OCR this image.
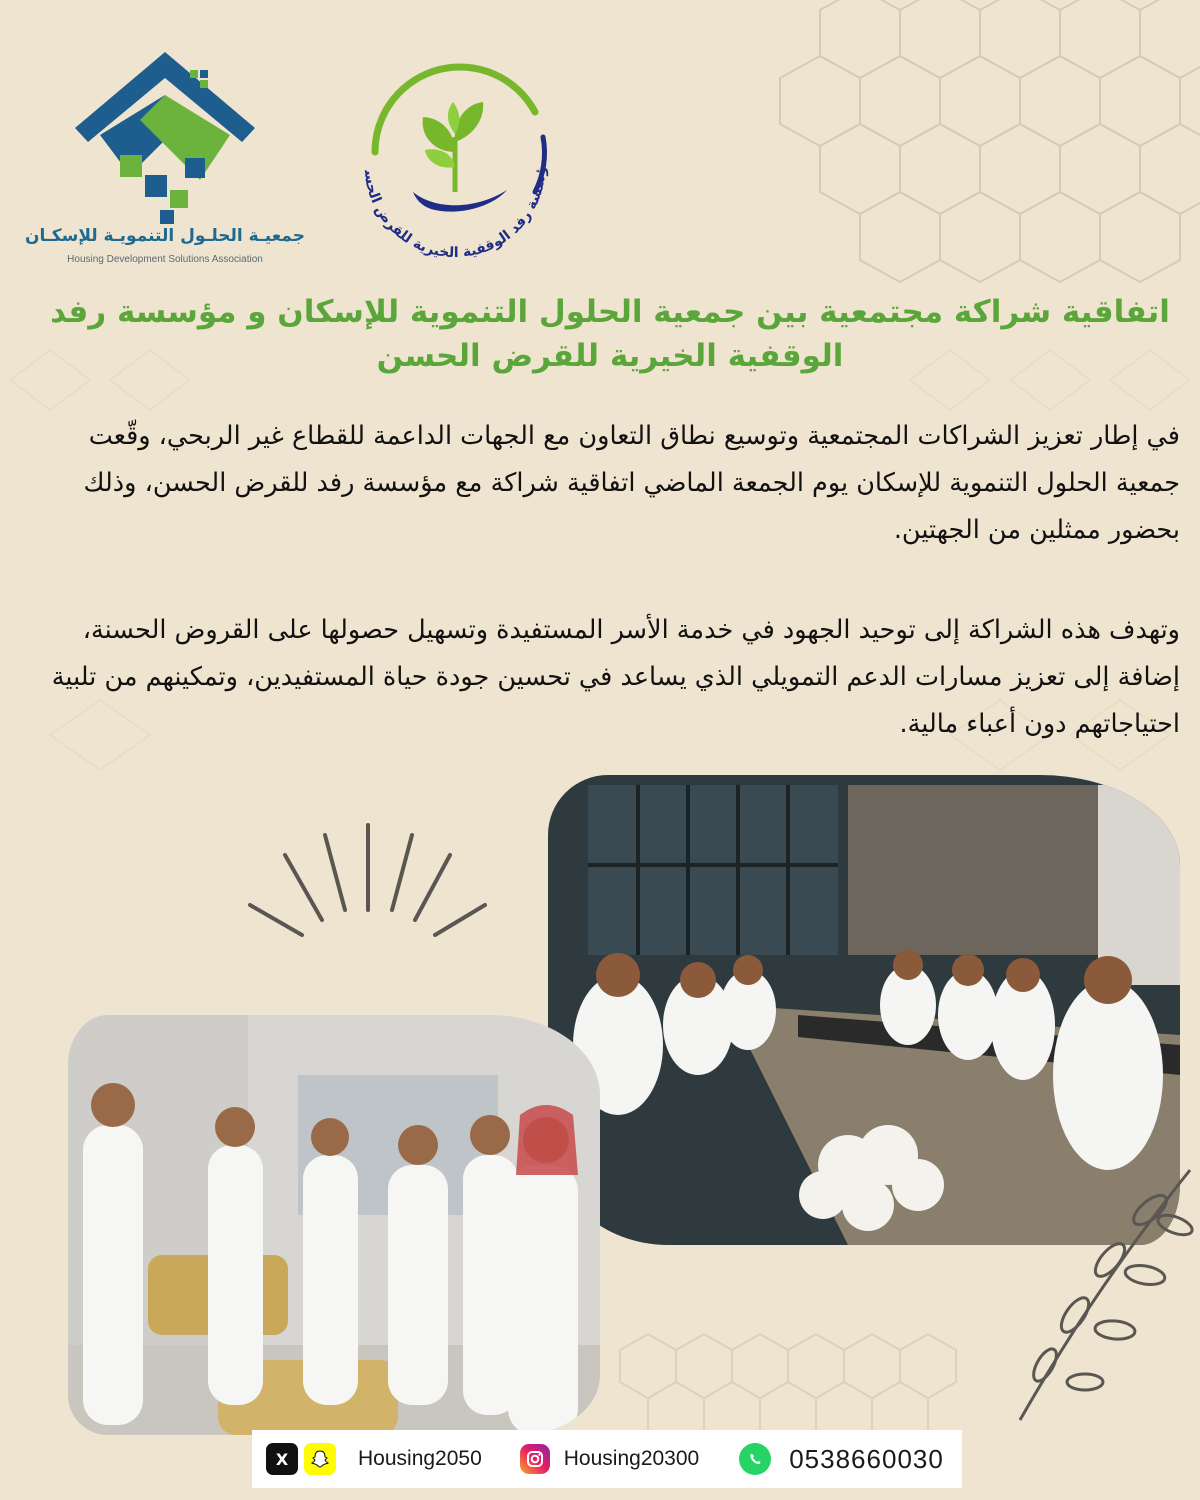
جمعيـة الحلـول التنمويـة للإسكـان
Housing Development Solutions Association
ؤسسة رفد الوقفية الخيرية للقرض الحس
اتفاقية شراكة مجتمعية بين جمعية الحلول التنموية للإسكان و مؤسسة رفد الوقفية الخيرية للقرض الحسن
في إطار تعزيز الشراكات المجتمعية وتوسيع نطاق التعاون مع الجهات الداعمة للقطاع غير الربحي، وقّعت جمعية الحلول التنموية للإسكان يوم الجمعة الماضي اتفاقية شراكة مع مؤسسة رفد للقرض الحسن، وذلك بحضور ممثلين من الجهتين.
وتهدف هذه الشراكة إلى توحيد الجهود في خدمة الأسر المستفيدة وتسهيل حصولها على القروض الحسنة، إضافة إلى تعزيز مسارات الدعم التمويلي الذي يساعد في تحسين جودة حياة المستفيدين، وتمكينهم من تلبية احتياجاتهم دون أعباء مالية.
X	Housing2050	Housing20300	0538660030
